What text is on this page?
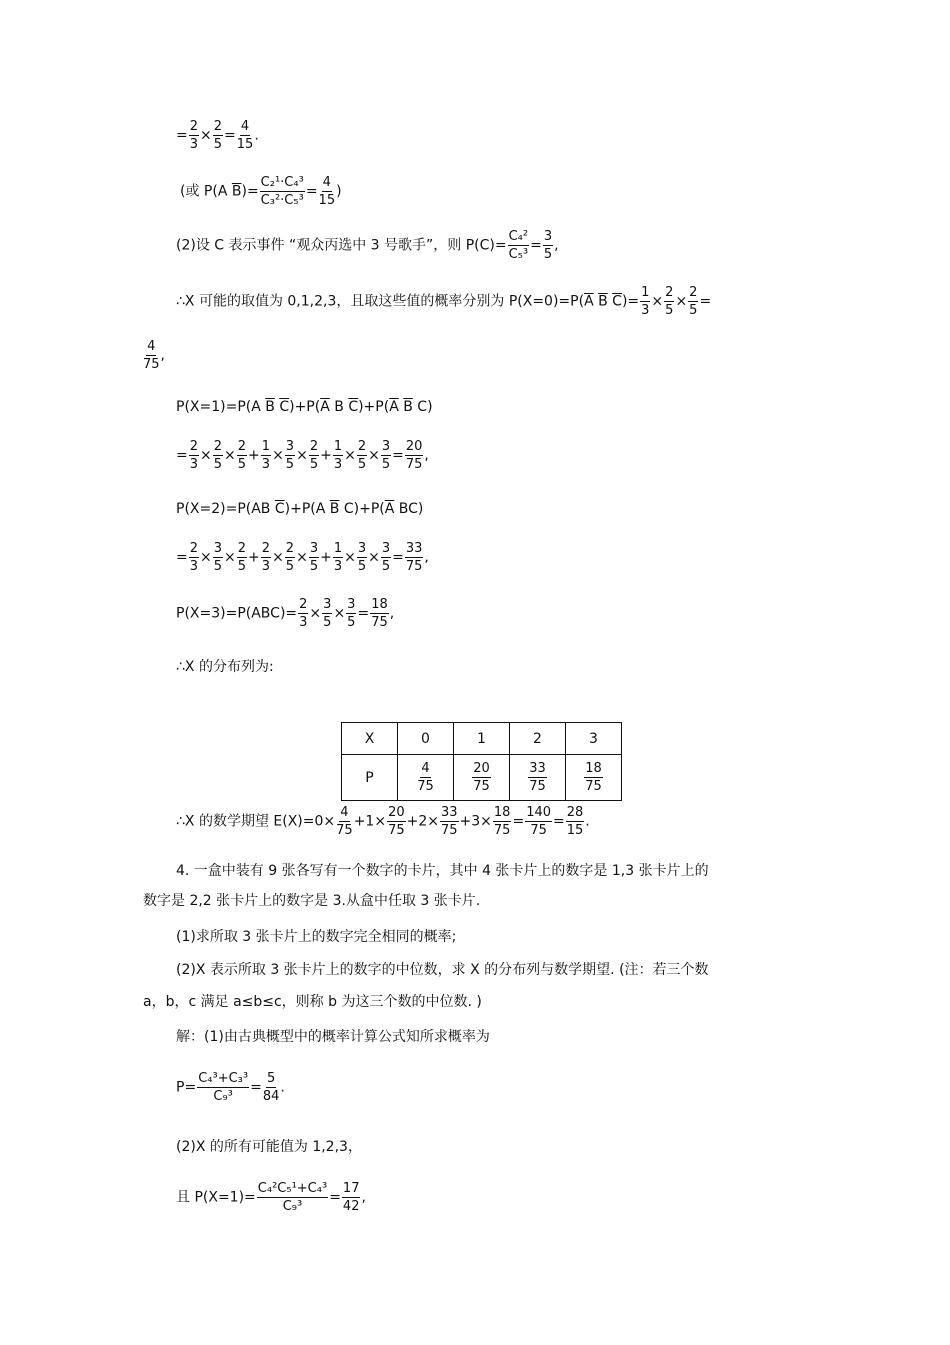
= $\frac{2}{3} \times \frac{2}{5} = \frac{4}{15}$ .
(或 P(A $\overline{B})= \frac{\text{C₂¹·C₄³}}{\text{C₃²·C₅³}} = \frac{4}{15}$ )
(2)设 C 表示事件 “观众丙选中 3 号歌手”，则 $P(C)= \frac{\text{C₄²}}{\text{C₅³}} = \frac{3}{5}$ ,
∴X 可能的取值为 0,1,2,3，且取这些值的概率分别为 $P(X=0)=P(\overline{A}$ $\overline{B}$ $\overline{C})= \frac{1}{3} \times \frac{2}{5} \times \frac{2}{5}$ =
$\frac{4}{75}$ ,
P(X=1)=P(A $\overline{B}$ $\overline{C})+P(\overline{A}$ B $\overline{C})+P(\overline{A}$ $\overline{B}$ C)
= $\frac{2}{3} \times \frac{2}{5} \times \frac{2}{5} + \frac{1}{3} \times \frac{3}{5} \times \frac{2}{5} + \frac{1}{3} \times \frac{2}{5} \times \frac{3}{5} = \frac{20}{75}$ ,
P(X=2)=P(AB $\overline{C})+P(A$ $\overline{B}$ $C)+P(\overline{A}$ BC)
= $\frac{2}{3} \times \frac{3}{5} \times \frac{2}{5} + \frac{2}{3} \times \frac{2}{5} \times \frac{3}{5} + \frac{1}{3} \times \frac{3}{5} \times \frac{3}{5} = \frac{33}{75}$ ,
$P(X=3)=P(ABC)= \frac{2}{3} \times \frac{3}{5} \times \frac{3}{5} = \frac{18}{75}$ ,
∴X 的分布列为:
X	0	1	2	3
P	$\frac{4}{75}$	$\frac{20}{75}$	$\frac{33}{75}$	$\frac{18}{75}$
∴X 的数学期望 $E(X)=0\times \frac{4}{75} +1\times \frac{20}{75} +2\times \frac{33}{75} +3\times \frac{18}{75} = \frac{140}{75} = \frac{28}{15}$ .
4. 一盒中装有 9 张各写有一个数字的卡片，其中 4 张卡片上的数字是 1,3 张卡片上的
数字是 2,2 张卡片上的数字是 3.从盒中任取 3 张卡片.
(1)求所取 3 张卡片上的数字完全相同的概率;
(2)X 表示所取 3 张卡片上的数字的中位数，求 X 的分布列与数学期望. (注：若三个数
a，b，c 满足 a≤b≤c，则称 b 为这三个数的中位数. )
解：(1)由古典概型中的概率计算公式知所求概率为
$P= \frac{\text{C₄³+C₃³}}{\text{C₉³}} = \frac{5}{84}$ .
(2)X 的所有可能值为 1,2,3，
且 $P(X=1)= \frac{\text{C₄²C₅¹+C₄³}}{\text{C₉³}} = \frac{17}{42}$ ,
